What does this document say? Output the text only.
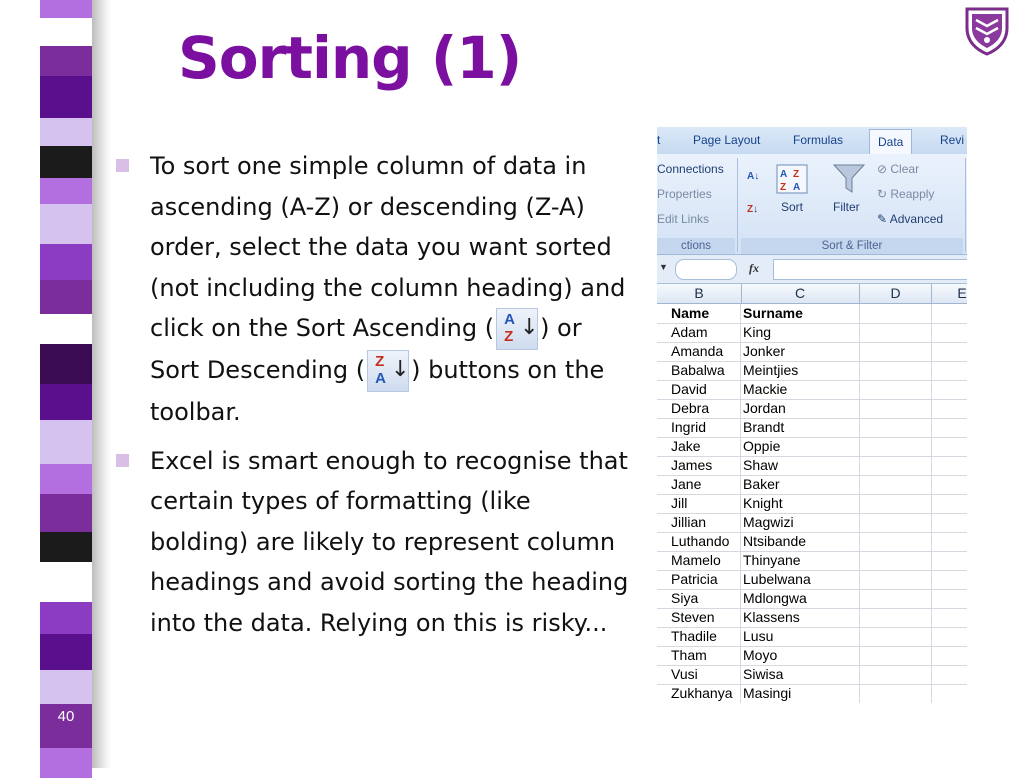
40
Sorting (1)
To sort one simple column of data in ascending (A-Z) or descending (Z-A) order, select the data you want sorted (not including the column heading) and click on the Sort Ascending ( A
Z ↓ ) or Sort Descending ( Z
A ↓ ) buttons on the toolbar.
Excel is smart enough to recognise that certain types of formatting (like bolding) are likely to represent column headings and avoid sorting the heading into the data. Relying on this is risky...
t	Page Layout	Formulas	Data	Revi
Connections
Properties
Edit Links
ctions
A↓
Z↓
A Z
Z A
Sort Filter
⊘ Clear
↻ Reapply
✎ Advanced
Sort & Filter
▼	fx
B	C	D	E
Name	Surname
Adam	King
Amanda	Jonker
Babalwa	Meintjies
David	Mackie
Debra	Jordan
Ingrid	Brandt
Jake	Oppie
James	Shaw
Jane	Baker
Jill	Knight
Jillian	Magwizi
Luthando Ntsibande
Mamelo	Thinyane
Patricia	Lubelwana
Siya	Mdlongwa
Steven	Klassens
Thadile	Lusu
Tham	Moyo
Vusi	Siwisa
Zukhanya Masingi
